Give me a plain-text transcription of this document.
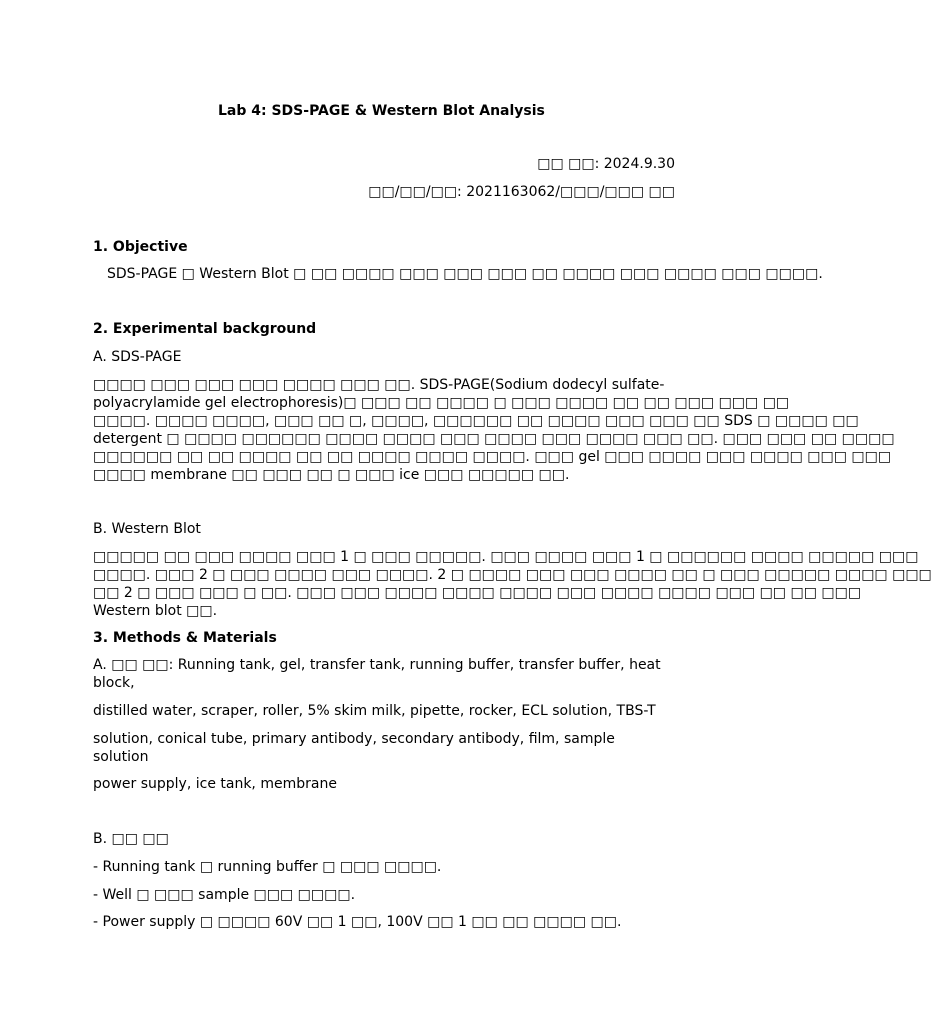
Lab 4: SDS-PAGE & Western Blot Analysis

□□ □□: 2024.9.30

□□/□□/□□: 2021163062/□□□/□□□ □□

1. Objective

SDS-PAGE □ Western Blot □ □□ □□□□ □□□ □□□ □□□ □□ □□□□ □□□ □□□□ □□□ □□□□.

2. Experimental background

A. SDS-PAGE

□□□□ □□□ □□□ □□□ □□□□ □□□ □□. SDS-PAGE(Sodium dodecyl sulfate-
polyacrylamide gel electrophoresis)□ □□□ □□ □□□□ □ □□□ □□□□ □□ □□ □□□ □□□ □□
□□□□. □□□□ □□□□, □□□ □□ □, □□□□, □□□□□□ □□ □□□□ □□□ □□□ □□ SDS □ □□□□ □□
detergent □ □□□□ □□□□□□ □□□□ □□□□ □□□ □□□□ □□□ □□□□ □□□ □□. □□□ □□□ □□ □□□□
□□□□□□ □□ □□ □□□□ □□ □□ □□□□ □□□□ □□□□. □□□ gel □□□ □□□□ □□□ □□□□ □□□ □□□
□□□□ membrane □□ □□□ □□ □ □□□ ice □□□ □□□□□ □□.

B. Western Blot

□□□□□ □□ □□□ □□□□ □□□ 1 □ □□□ □□□□□. □□□ □□□□ □□□ 1 □ □□□□□□ □□□□ □□□□□ □□□
□□□□. □□□ 2 □ □□□ □□□□ □□□ □□□□. 2 □ □□□□ □□□ □□□ □□□□ □□ □ □□□ □□□□□ □□□□ □□□
□□ 2 □ □□□ □□□ □ □□. □□□ □□□ □□□□ □□□□ □□□□ □□□ □□□□ □□□□ □□□ □□ □□ □□□
Western blot □□.

3. Methods & Materials

A. □□ □□: Running tank, gel, transfer tank, running buffer, transfer buffer, heat
block,

distilled water, scraper, roller, 5% skim milk, pipette, rocker, ECL solution, TBS-T

solution, conical tube, primary antibody, secondary antibody, film, sample
solution

power supply, ice tank, membrane

B. □□ □□

- Running tank □ running buffer □ □□□ □□□□.

- Well □ □□□ sample □□□ □□□□.

- Power supply □ □□□□ 60V □□ 1 □□, 100V □□ 1 □□ □□ □□□□ □□.
